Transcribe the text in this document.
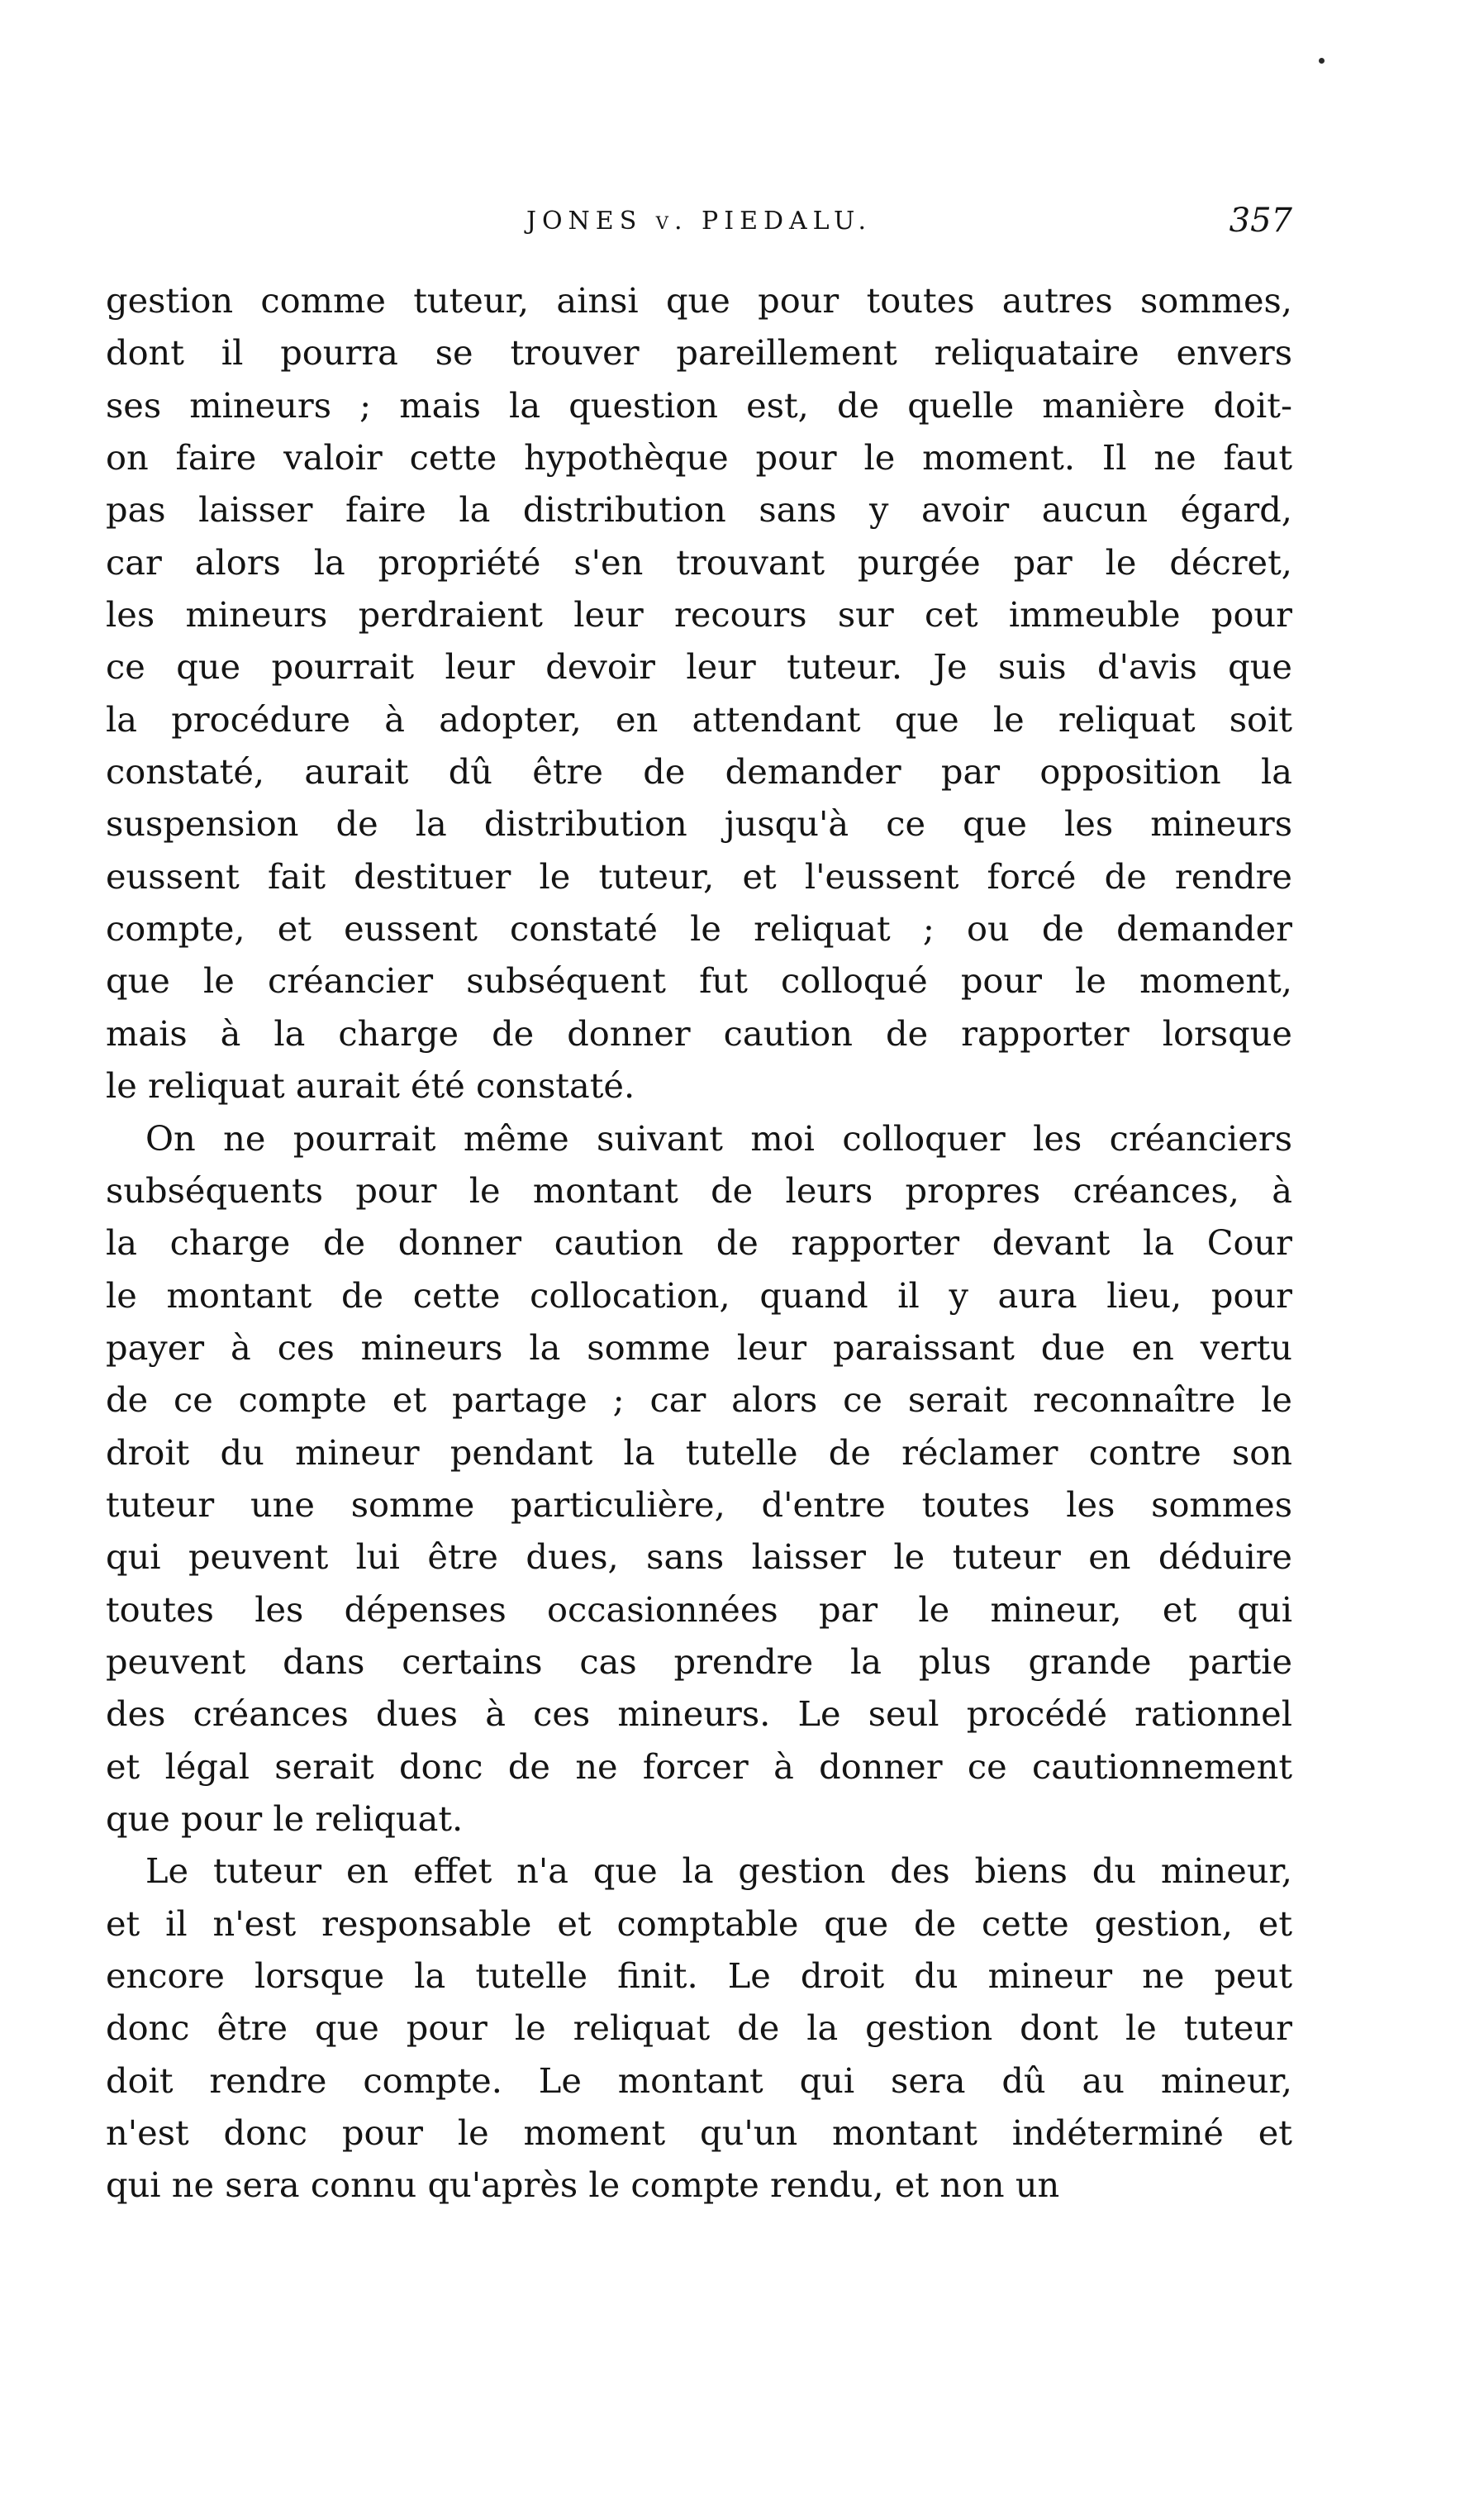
JONES v. PIEDALU.	357

gestion comme tuteur, ainsi que pour toutes autres sommes,
dont il pourra se trouver pareillement reliquataire envers
ses mineurs ; mais la question est, de quelle manière doit-
on faire valoir cette hypothèque pour le moment. Il ne faut
pas laisser faire la distribution sans y avoir aucun égard,
car alors la propriété s'en trouvant purgée par le décret,
les mineurs perdraient leur recours sur cet immeuble pour
ce que pourrait leur devoir leur tuteur. Je suis d'avis que
la procédure à adopter, en attendant que le reliquat soit
constaté, aurait dû être de demander par opposition la
suspension de la distribution jusqu'à ce que les mineurs
eussent fait destituer le tuteur, et l'eussent forcé de rendre
compte, et eussent constaté le reliquat ; ou de demander
que le créancier subséquent fut colloqué pour le moment,
mais à la charge de donner caution de rapporter lorsque
le reliquat aurait été constaté.

On ne pourrait même suivant moi colloquer les créanciers
subséquents pour le montant de leurs propres créances, à
la charge de donner caution de rapporter devant la Cour
le montant de cette collocation, quand il y aura lieu, pour
payer à ces mineurs la somme leur paraissant due en vertu
de ce compte et partage ; car alors ce serait reconnaître le
droit du mineur pendant la tutelle de réclamer contre son
tuteur une somme particulière, d'entre toutes les sommes
qui peuvent lui être dues, sans laisser le tuteur en déduire
toutes les dépenses occasionnées par le mineur, et qui
peuvent dans certains cas prendre la plus grande partie
des créances dues à ces mineurs. Le seul procédé rationnel
et légal serait donc de ne forcer à donner ce cautionnement
que pour le reliquat.

Le tuteur en effet n'a que la gestion des biens du mineur,
et il n'est responsable et comptable que de cette gestion, et
encore lorsque la tutelle finit. Le droit du mineur ne peut
donc être que pour le reliquat de la gestion dont le tuteur
doit rendre compte. Le montant qui sera dû au mineur,
n'est donc pour le moment qu'un montant indéterminé et
qui ne sera connu qu'après le compte rendu, et non un
